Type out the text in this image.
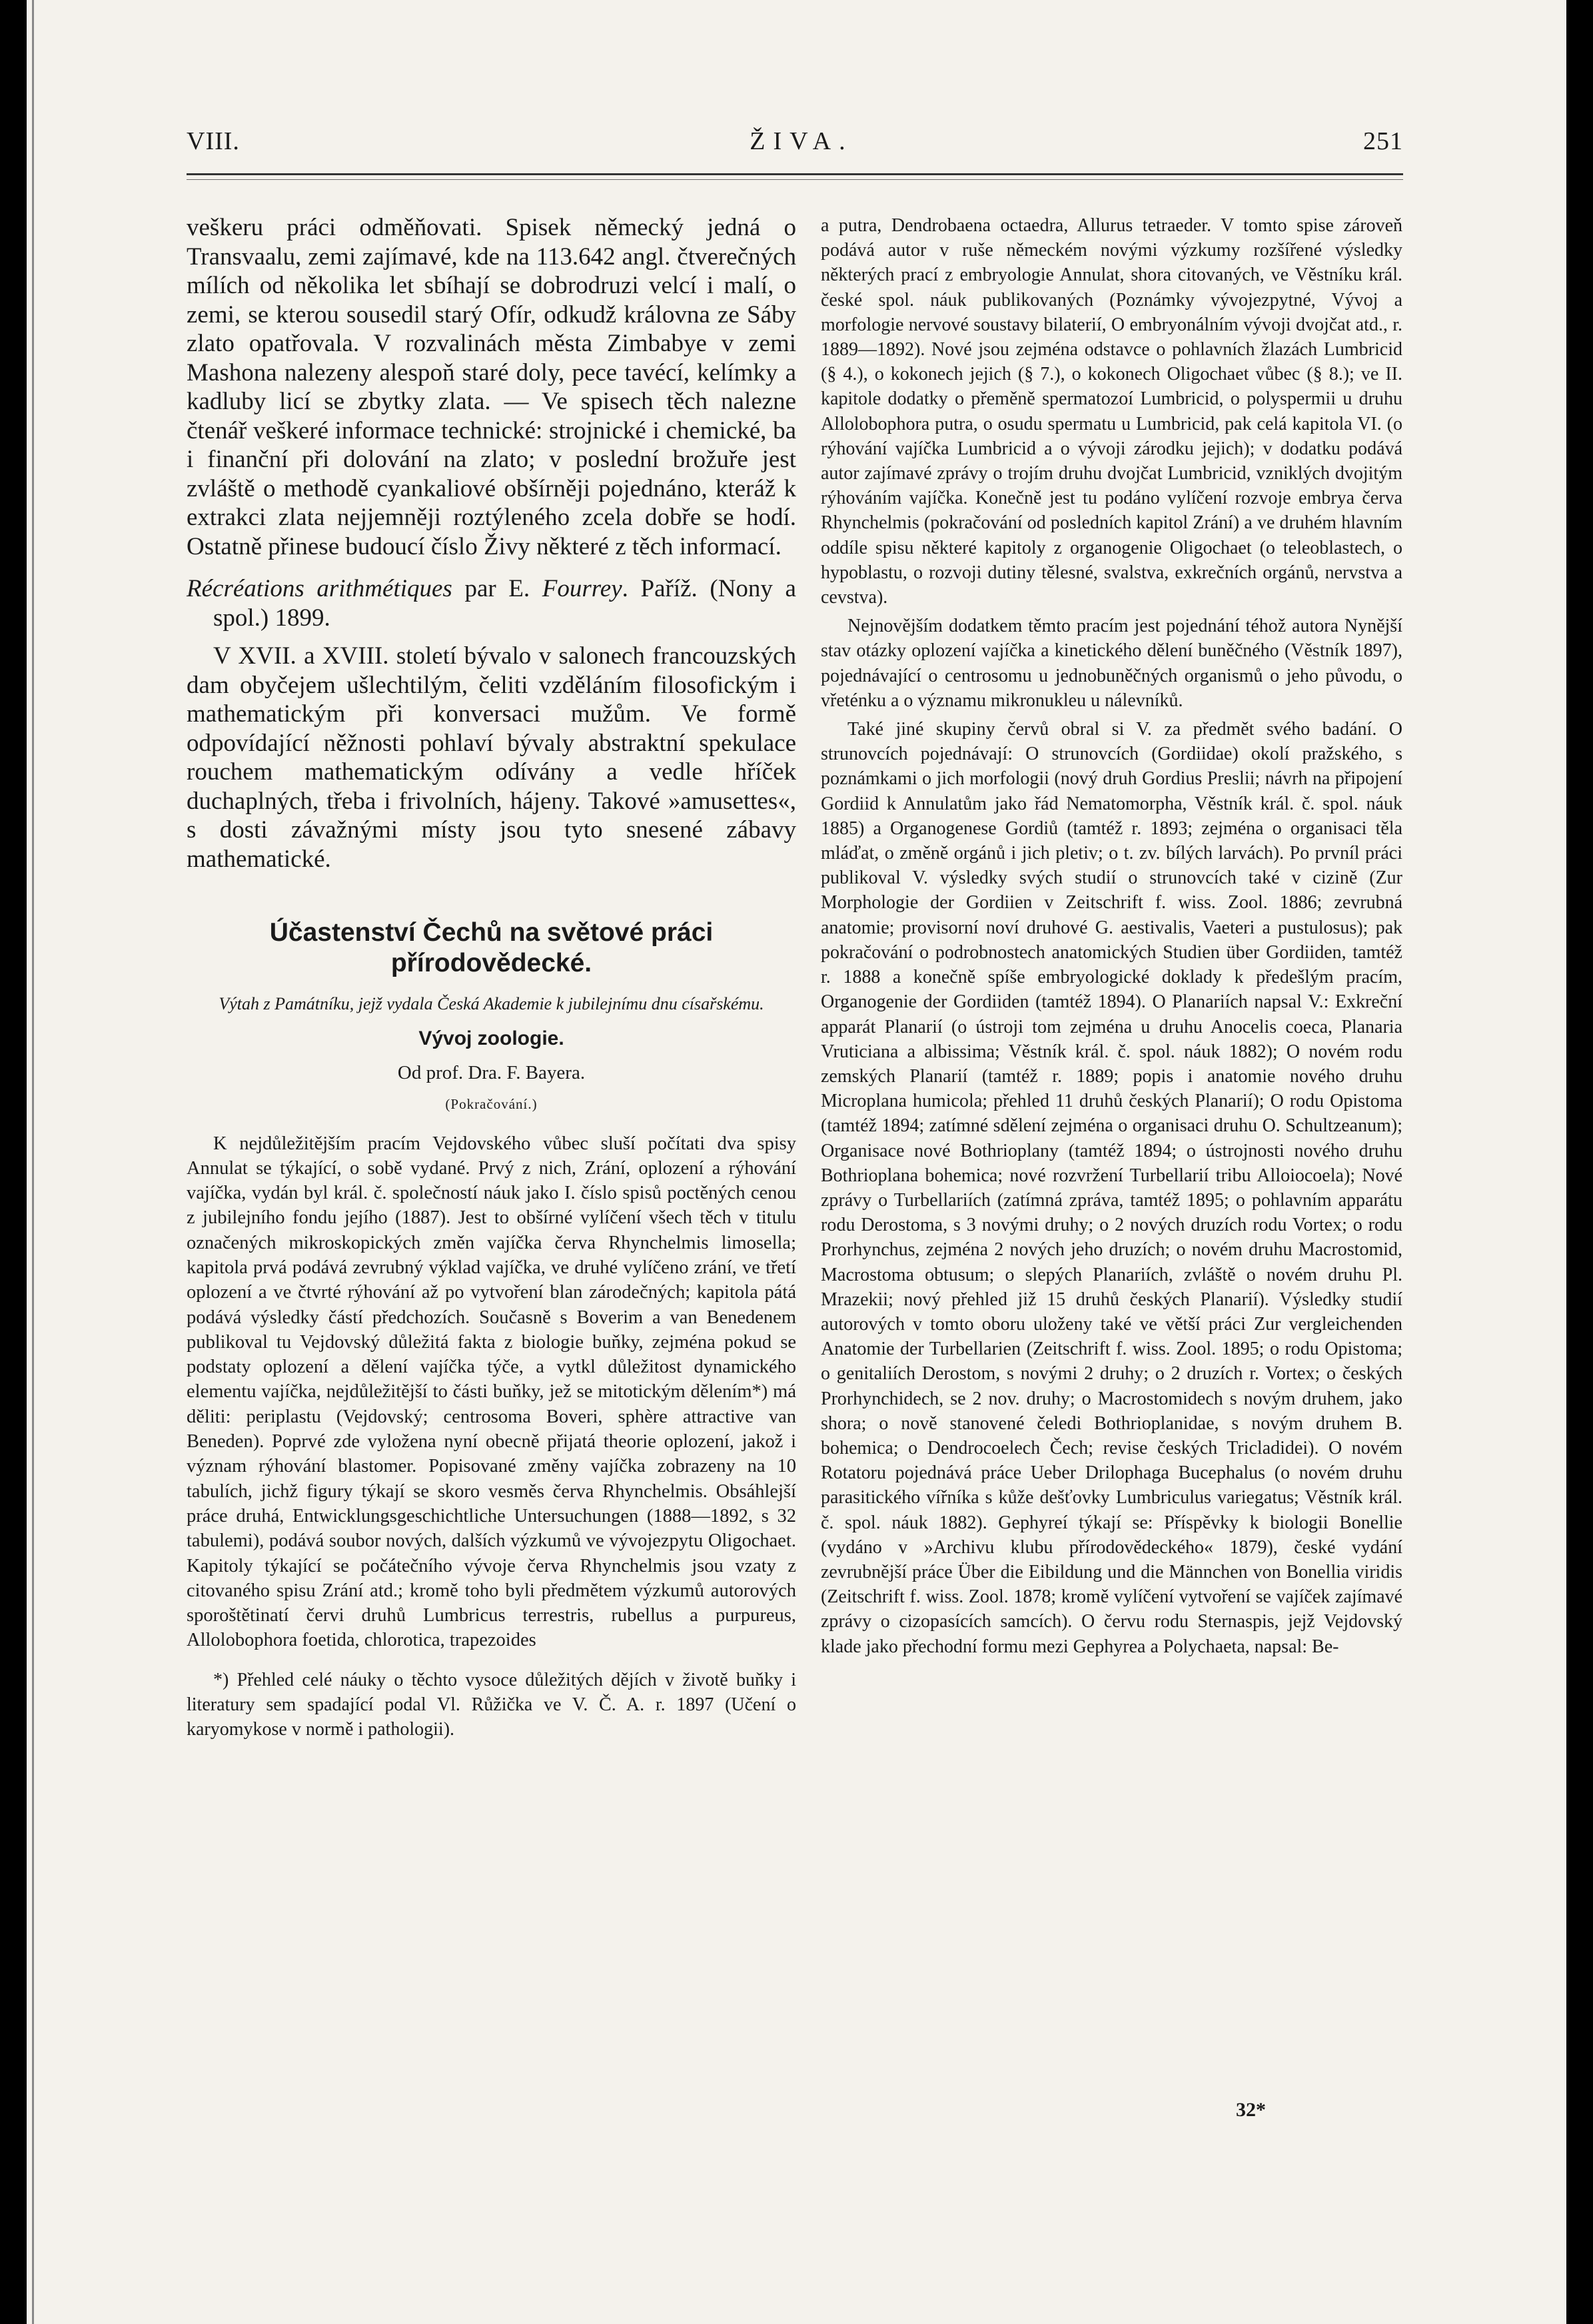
VIII.	ŽIVA.	251

veškeru práci odměňovati. Spisek německý jedná o Transvaalu, zemi zajímavé, kde na 113.642 angl. čtverečných mílích od několika let sbíhají se dobrodruzi velcí i malí, o zemi, se kterou sousedil starý Ofír, odkudž královna ze Sáby zlato opatřovala. V rozvalinách města Zimbabye v zemi Mashona nalezeny alespoň staré doly, pece tavécí, kelímky a kadluby licí se zbytky zlata. — Ve spisech těch nalezne čtenář veškeré informace technické: strojnické i chemické, ba i finanční při dolování na zlato; v poslední brožuře jest zvláště o methodě cyankaliové obšírněji pojednáno, kteráž k extrakci zlata nejjemněji roztýleného zcela dobře se hodí. Ostatně přinese budoucí číslo Živy některé z těch informací.

Récréations arithmétiques par E. Fourrey. Paříž. (Nony a spol.) 1899.

V XVII. a XVIII. století bývalo v salonech francouzských dam obyčejem ušlechtilým, čeliti vzděláním filosofickým i mathematickým při konversaci mužům. Ve formě odpovídající něžnosti pohlaví bývaly abstraktní spekulace rouchem mathematickým odívány a vedle hříček duchaplných, třeba i frivolních, hájeny. Takové »amusettes«, s dosti závažnými místy jsou tyto snesené zábavy mathematické.

Účastenství Čechů na světové práci přírodovědecké.
Výtah z Památníku, jejž vydala Česká Akademie k jubilejnímu dnu císařskému.
Vývoj zoologie.
Od prof. Dra. F. Bayera.
(Pokračování.)

K nejdůležitějším pracím Vejdovského vůbec sluší počítati dva spisy Annulat se týkající, o sobě vydané. Prvý z nich, Zrání, oplození a rýhování vajíčka, vydán byl král. č. společností náuk jako I. číslo spisů poctěných cenou z jubilejního fondu jejího (1887). Jest to obšírné vylíčení všech těch v titulu označených mikroskopických změn vajíčka červa Rhynchelmis limosella; kapitola prvá podává zevrubný výklad vajíčka, ve druhé vylíčeno zrání, ve třetí oplození a ve čtvrté rýhování až po vytvoření blan zárodečných; kapitola pátá podává výsledky částí předchozích. Současně s Boverim a van Benedenem publikoval tu Vejdovský důležitá fakta z biologie buňky, zejména pokud se podstaty oplození a dělení vajíčka týče, a vytkl důležitost dynamického elementu vajíčka, nejdůležitější to části buňky, jež se mitotickým dělením*) má děliti: periplastu (Vejdovský; centrosoma Boveri, sphère attractive van Beneden). Poprvé zde vyložena nyní obecně přijatá theorie oplození, jakož i význam rýhování blastomer. Popisované změny vajíčka zobrazeny na 10 tabulích, jichž figury týkají se skoro vesměs červa Rhynchelmis. Obsáhlejší práce druhá, Entwicklungsgeschichtliche Untersuchungen (1888—1892, s 32 tabulemi), podává soubor nových, dalších výzkumů ve vývojezpytu Oligochaet. Kapitoly týkající se počátečního vývoje červa Rhynchelmis jsou vzaty z citovaného spisu Zrání atd.; kromě toho byli předmětem výzkumů autorových sporoštětinatí červi druhů Lumbricus terrestris, rubellus a purpureus, Allolobophora foetida, chlorotica, trapezoides

*) Přehled celé náuky o těchto vysoce důležitých dějích v životě buňky i literatury sem spadající podal Vl. Růžička ve V. Č. A. r. 1897 (Učení o karyomykose v normě i pathologii).

a putra, Dendrobaena octaedra, Allurus tetraeder. V tomto spise zároveň podává autor v ruše německém novými výzkumy rozšířené výsledky některých prací z embryologie Annulat, shora citovaných, ve Věstníku král. české spol. náuk publikovaných (Poznámky vývojezpytné, Vývoj a morfologie nervové soustavy bilaterií, O embryonálním vývoji dvojčat atd., r. 1889—1892). Nové jsou zejména odstavce o pohlavních žlazách Lumbricid (§ 4.), o kokonech jejich (§ 7.), o kokonech Oligochaet vůbec (§ 8.); ve II. kapitole dodatky o přeměně spermatozoí Lumbricid, o polyspermii u druhu Allolobophora putra, o osudu spermatu u Lumbricid, pak celá kapitola VI. (o rýhování vajíčka Lumbricid a o vývoji zárodku jejich); v dodatku podává autor zajímavé zprávy o trojím druhu dvojčat Lumbricid, vzniklých dvojitým rýhováním vajíčka. Konečně jest tu podáno vylíčení rozvoje embrya červa Rhynchelmis (pokračování od posledních kapitol Zrání) a ve druhém hlavním oddíle spisu některé kapitoly z organogenie Oligochaet (o teleoblastech, o hypoblastu, o rozvoji dutiny tělesné, svalstva, exkrečních orgánů, nervstva a cevstva).

Nejnovějším dodatkem těmto pracím jest pojednání téhož autora Nynější stav otázky oplození vajíčka a kinetického dělení buněčného (Věstník 1897), pojednávající o centrosomu u jednobuněčných organismů o jeho původu, o vřeténku a o významu mikronukleu u nálevníků.

Také jiné skupiny červů obral si V. za předmět svého badání. O strunovcích pojednávají: O strunovcích (Gordiidae) okolí pražského, s poznámkami o jich morfologii (nový druh Gordius Preslii; návrh na připojení Gordiid k Annulatům jako řád Nematomorpha, Věstník král. č. spol. náuk 1885) a Organogenese Gordiů (tamtéž r. 1893; zejména o organisaci těla mláďat, o změně orgánů i jich pletiv; o t. zv. bílých larvách). Po prvníl práci publikoval V. výsledky svých studií o strunovcích také v cizině (Zur Morphologie der Gordiien v Zeitschrift f. wiss. Zool. 1886; zevrubná anatomie; provisorní noví druhové G. aestivalis, Vaeteri a pustulosus); pak pokračování o podrobnostech anatomických Studien über Gordiiden, tamtéž r. 1888 a konečně spíše embryologické doklady k předešlým pracím, Organogenie der Gordiiden (tamtéž 1894). O Planariích napsal V.: Exkreční apparát Planarií (o ústroji tom zejména u druhu Anocelis coeca, Planaria Vruticiana a albissima; Věstník král. č. spol. náuk 1882); O novém rodu zemských Planarií (tamtéž r. 1889; popis i anatomie nového druhu Microplana humicola; přehled 11 druhů českých Planarií); O rodu Opistoma (tamtéž 1894; zatímné sdělení zejména o organisaci druhu O. Schultzeanum); Organisace nové Bothrioplany (tamtéž 1894; o ústrojnosti nového druhu Bothrioplana bohemica; nové rozvržení Turbellarií tribu Alloiocoela); Nové zprávy o Turbellariích (zatímná zpráva, tamtéž 1895; o pohlavním apparátu rodu Derostoma, s 3 novými druhy; o 2 nových druzích rodu Vortex; o rodu Prorhynchus, zejména 2 nových jeho druzích; o novém druhu Macrostomid, Macrostoma obtusum; o slepých Planariích, zvláště o novém druhu Pl. Mrazekii; nový přehled již 15 druhů českých Planarií). Výsledky studií autorových v tomto oboru uloženy také ve větší práci Zur vergleichenden Anatomie der Turbellarien (Zeitschrift f. wiss. Zool. 1895; o rodu Opistoma; o genitaliích Derostom, s novými 2 druhy; o 2 druzích r. Vortex; o českých Prorhynchidech, se 2 nov. druhy; o Macrostomidech s novým druhem, jako shora; o nově stanovené čeledi Bothrioplanidae, s novým druhem B. bohemica; o Dendrocoelech Čech; revise českých Tricladidei). O novém Rotatoru pojednává práce Ueber Drilophaga Bucephalus (o novém druhu parasitického vířníka s kůže dešťovky Lumbriculus variegatus; Věstník král. č. spol. náuk 1882). Gephyreí týkají se: Příspěvky k biologii Bonellie (vydáno v »Archivu klubu přírodovědeckého« 1879), české vydání zevrubnější práce Über die Eibildung und die Männchen von Bonellia viridis (Zeitschrift f. wiss. Zool. 1878; kromě vylíčení vytvoření se vajíček zajímavé zprávy o cizopasících samcích). O červu rodu Sternaspis, jejž Vejdovský klade jako přechodní formu mezi Gephyrea a Polychaeta, napsal: Be-

32*
